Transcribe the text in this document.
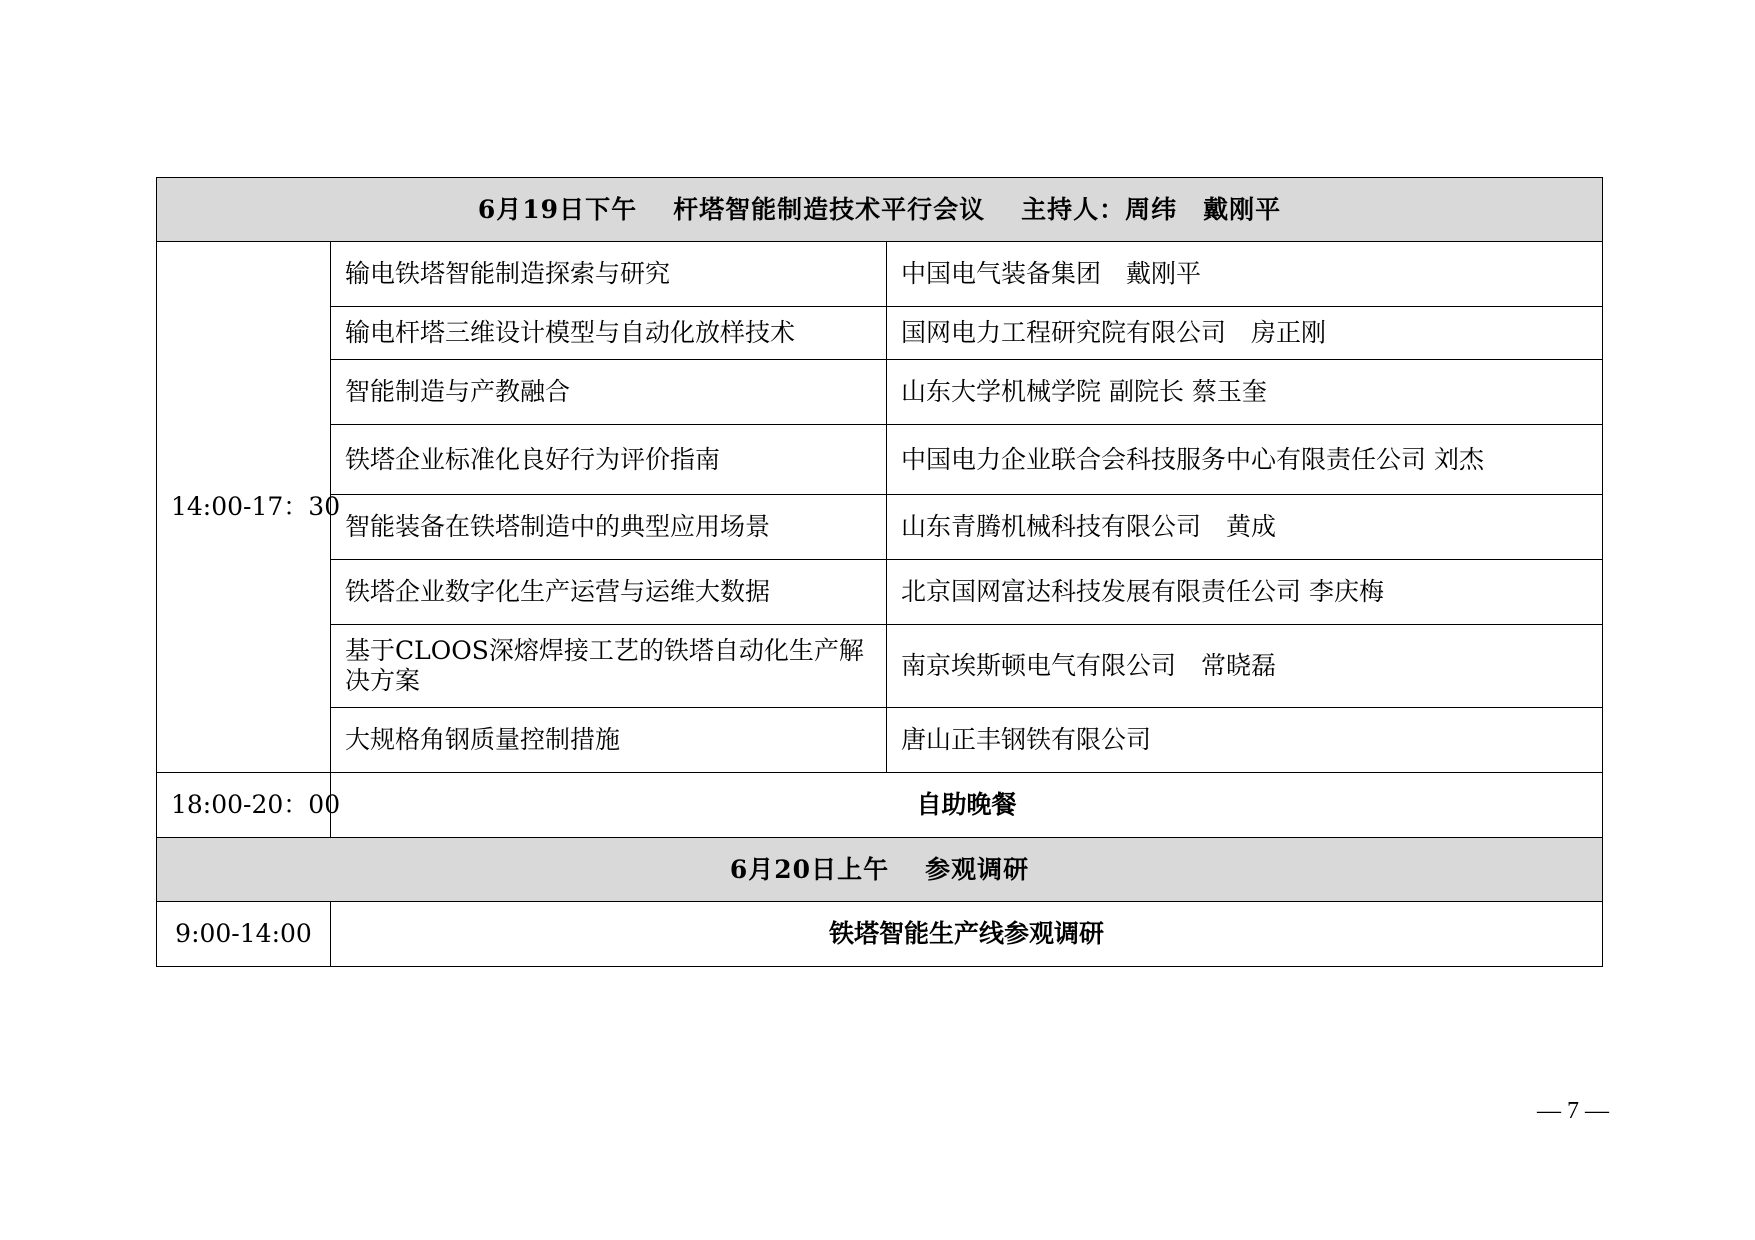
6月19日下午 杆塔智能制造技术平行会议 主持人：周纬　戴刚平		
14:00-17：30	输电铁塔智能制造探索与研究	中国电气装备集团　戴刚平
	输电杆塔三维设计模型与自动化放样技术	国网电力工程研究院有限公司　房正刚
	智能制造与产教融合	山东大学机械学院 副院长 蔡玉奎
	铁塔企业标准化良好行为评价指南	中国电力企业联合会科技服务中心有限责任公司 刘杰
	智能装备在铁塔制造中的典型应用场景	山东青腾机械科技有限公司　黄成
	铁塔企业数字化生产运营与运维大数据	北京国网富达科技发展有限责任公司 李庆梅
	基于CLOOS深熔焊接工艺的铁塔自动化生产解决方案	南京埃斯顿电气有限公司　常晓磊
	大规格角钢质量控制措施	唐山正丰钢铁有限公司
18:00-20：00	自助晚餐	
6月20日上午 参观调研		
9:00-14:00	铁塔智能生产线参观调研	
— 7 —
